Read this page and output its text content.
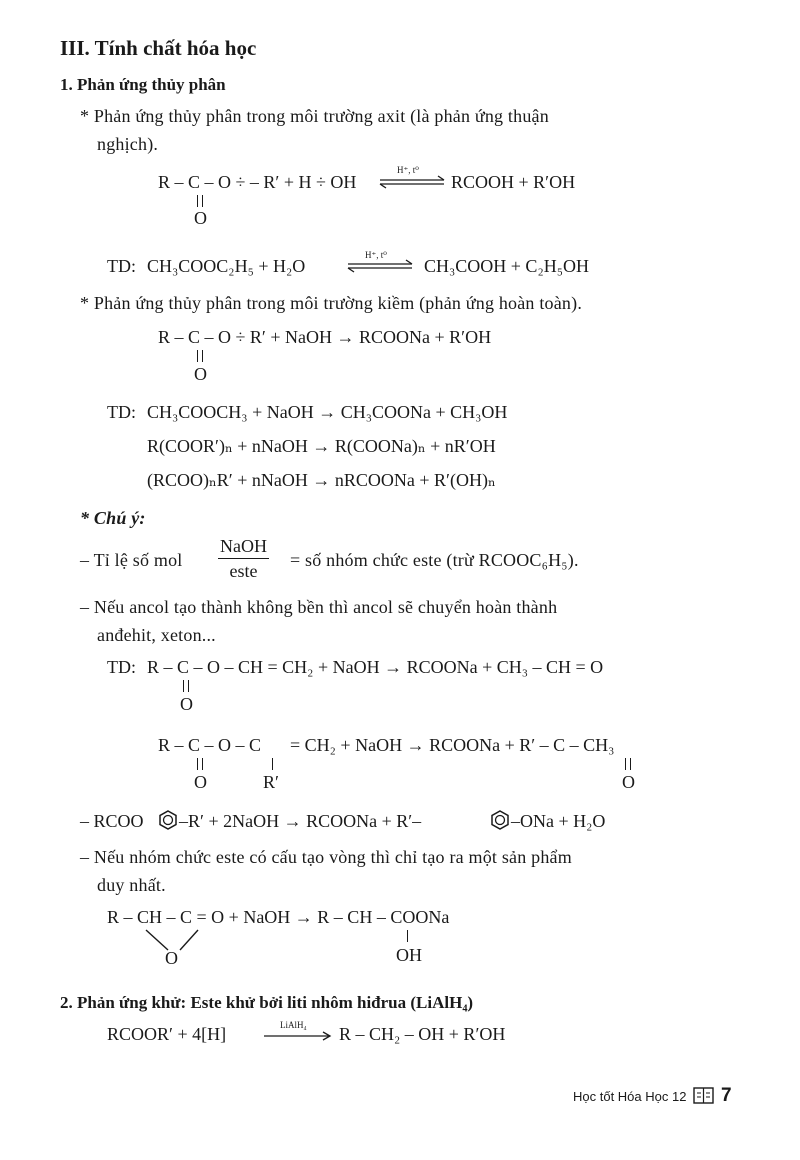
III. Tính chất hóa học
1. Phản ứng thủy phân
* Phản ứng thủy phân trong môi trường axit (là phản ứng thuận
nghịch).
R – C – O ÷ – R′ + H ÷ OH
H⁺, t⁰
RCOOH + R′OH
O
TD: CH₃COOC₂H₅ + H₂O
H⁺, t⁰
CH₃COOH + C₂H₅OH
* Phản ứng thủy phân trong môi trường kiềm (phản ứng hoàn toàn).
R – C – O ÷ R′ + NaOH → RCOONa + R′OH
O
TD: CH₃COOCH₃ + NaOH → CH₃COONa + CH₃OH
R(COOR′)ₙ + nNaOH → R(COONa)ₙ + nR′OH
(RCOO)ₙR′ + nNaOH → nRCOONa + R′(OH)ₙ
* Chú ý:
– Tỉ lệ số mol
NaOH
este
= số nhóm chức este (trừ RCOOC₆H₅).
– Nếu ancol tạo thành không bền thì ancol sẽ chuyển hoàn thành
anđehit, xeton...
TD: R – C – O – CH = CH₂ + NaOH → RCOONa + CH₃ – CH = O
O
R – C – O – C = CH₂ + NaOH → RCOONa + R′ – C – CH₃
O	R′	O
– RCOO –R′ + 2NaOH → RCOONa + R′–	–ONa + H₂O
– Nếu nhóm chức este có cấu tạo vòng thì chỉ tạo ra một sản phẩm
duy nhất.
R – CH – C = O + NaOH → R – CH – COONa
O	OH
2. Phản ứng khử: Este khử bởi liti nhôm hiđrua (LiAlH₄)
RCOOR′ + 4[H]	LiAlH₄ R – CH₂ – OH + R′OH
Học tốt Hóa Học 12 7
